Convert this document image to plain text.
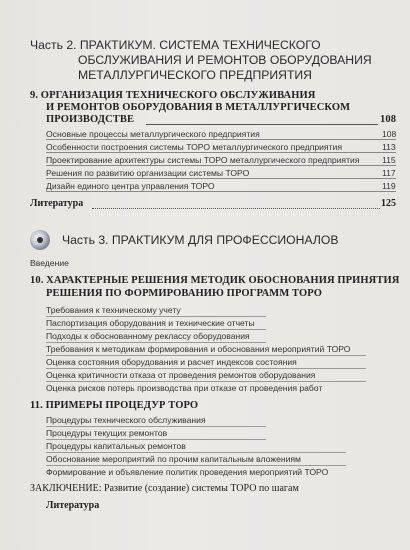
Часть 2. ПРАКТИКУМ. СИСТЕМА ТЕХНИЧЕСКОГО
ОБСЛУЖИВАНИЯ И РЕМОНТОВ ОБОРУДОВАНИЯ
МЕТАЛЛУРГИЧЕСКОГО ПРЕДПРИЯТИЯ
9. ОРГАНИЗАЦИЯ ТЕХНИЧЕСКОГО ОБСЛУЖИВАНИЯ
И РЕМОНТОВ ОБОРУДОВАНИЯ В МЕТАЛЛУРГИЧЕСКОМ
ПРОИЗВОДСТВЕ	108
Основные процессы металлургического предприятия	108
Особенности построения системы ТОРО металлургического предприятия	113
Проектирование архитектуры системы ТОРО металлургического предприятия	115
Решения по развитию организации системы ТОРО	117
Дизайн единого центра управления ТОРО	119
Литература	125
Часть 3. ПРАКТИКУМ ДЛЯ ПРОФЕССИОНАЛОВ
Введение
10. ХАРАКТЕРНЫЕ РЕШЕНИЯ МЕТОДИК ОБОСНОВАНИЯ ПРИНЯТИЯ
РЕШЕНИЯ ПО ФОРМИРОВАНИЮ ПРОГРАММ ТОРО
Требования к техническому учету
Паспортизация оборудования и технические отчеты
Подходы к обоснованному реклассу оборудования
Требования к методикам формирования и обоснования мероприятий ТОРО
Оценка состояния оборудования и расчет индексов состояния
Оценка критичности отказа от проведения ремонтов оборудования
Оценка рисков потерь производства при отказе от проведения работ
11. ПРИМЕРЫ ПРОЦЕДУР ТОРО
Процедуры технического обслуживания
Процедуры текущих ремонтов
Процедуры капитальных ремонтов
Обоснование мероприятий по прочим капитальным вложениям
Формирование и объявление политик проведения мероприятий ТОРО
ЗАКЛЮЧЕНИЕ: Развитие (создание) системы ТОРО по шагам
Литература
